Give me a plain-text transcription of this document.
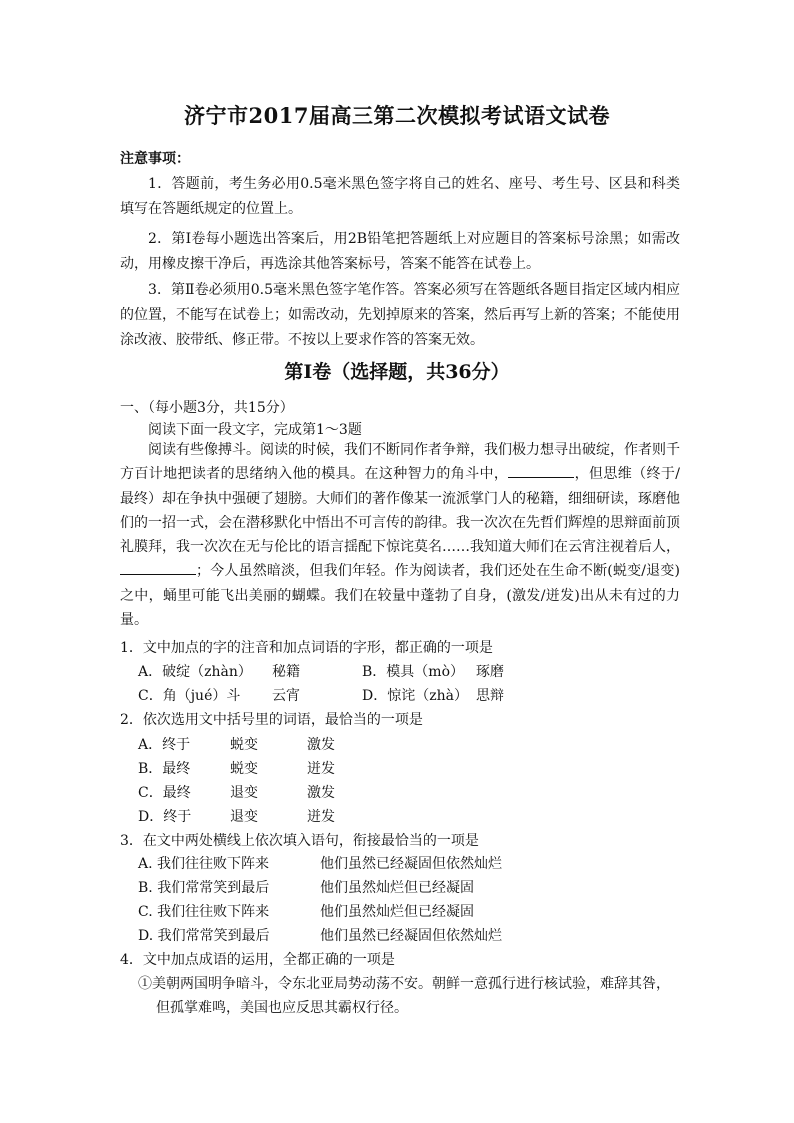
济宁市2017届高三第二次模拟考试语文试卷
注意事项：
1．答题前，考生务必用0.5毫米黑色签字将自己的姓名、座号、考生号、区县和科类填写在答题纸规定的位置上。
2．第Ⅰ卷每小题选出答案后，用2B铅笔把答题纸上对应题目的答案标号涂黑；如需改动，用橡皮擦干净后，再选涂其他答案标号，答案不能答在试卷上。
3．第Ⅱ卷必须用0.5毫米黑色签字笔作答。答案必须写在答题纸各题目指定区域内相应的位置，不能写在试卷上；如需改动，先划掉原来的答案，然后再写上新的答案；不能使用涂改液、胶带纸、修正带。不按以上要求作答的答案无效。
第Ⅰ卷（选择题，共36分）
一、（每小题3分，共15分）
阅读下面一段文字，完成第1～3题
阅读有些像搏斗。阅读的时候，我们不断同作者争辩，我们极力想寻出破绽，作者则千方百计地把读者的思绪纳入他的模具。在这种智力的角斗中，	，但思维（终于/最终）却在争执中强硬了翅膀。大师们的著作像某一流派掌门人的秘籍，细细研读，琢磨他们的一招一式，会在潜移默化中悟出不可言传的韵律。我一次次在先哲们辉煌的思辩面前顶礼膜拜，我一次次在无与伦比的语言揺配下惊诧莫名……我知道大师们在云宵注视着后人，；今人虽然暗淡，但我们年轻。作为阅读者，我们还处在生命不断(蜕变/退变)之中，蛹里可能飞出美丽的蝴蝶。我们在较量中蓬勃了自身，(激发/迸发)出从未有过的力量。
1．文中加点的字的注音和加点词语的字形，都正确的一项是
A．破绽（zhàn） 秘籍	B．模具（mò） 琢磨
C．角（jué）斗 云宵	D．惊诧（zhà） 思辩
2．依次选用文中括号里的词语，最恰当的一项是
A．终于	蜕变	激发
B．最终	蜕变	迸发
C．最终	退变	激发
D．终于	退变	迸发
3．在文中两处横线上依次填入语句，衔接最恰当的一项是
A. 我们往往败下阵来	他们虽然已经凝固但依然灿烂
B. 我们常常笑到最后	他们虽然灿烂但已经凝固
C. 我们往往败下阵来	他们虽然灿烂但已经凝固
D. 我们常常笑到最后	他们虽然已经凝固但依然灿烂
4．文中加点成语的运用，全都正确的一项是
①美朝两国明争暗斗，令东北亚局势动荡不安。朝鲜一意孤行进行核试验，难辞其咎，
但孤掌难鸣，美国也应反思其霸权行径。
